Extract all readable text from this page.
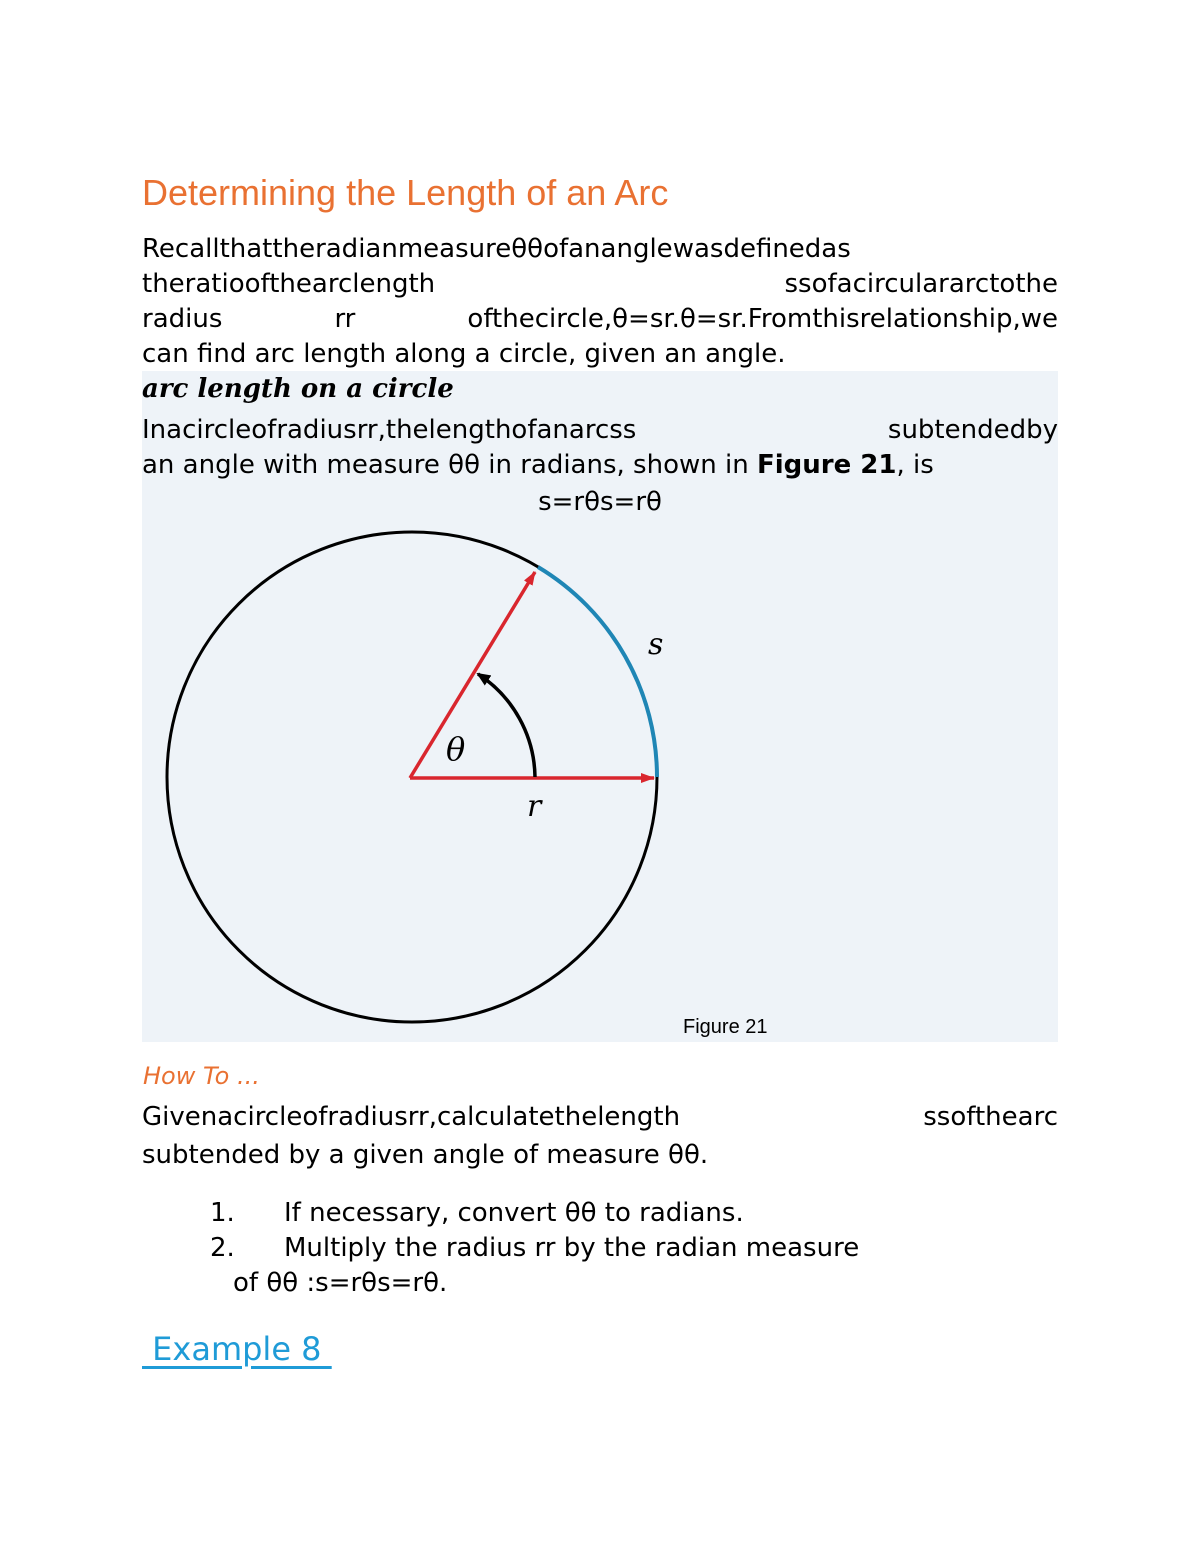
Determining the Length of an Arc
Recallthattheradianmeasureθθofananglewasdefinedas
theratioofthearclength ssofacirculararctothe
radius rr ofthecircle,θ=sr.θ=sr.Fromthisrelationship,we
can find arc length along a circle, given an angle.
arc length on a circle
Inacircleofradiusrr,thelengthofanarcss subtendedby
an angle with measure θθ in radians, shown in Figure 21, is
s=rθs=rθ
s
θ
r
Figure 21
How To ...
Givenacircleofradiusrr,calculatethelength ssofthearc
subtended by a given angle of measure θθ.
1. If necessary, convert θθ to radians.
2. Multiply the radius rr by the radian measure
of θθ :s=rθs=rθ.
Example 8
